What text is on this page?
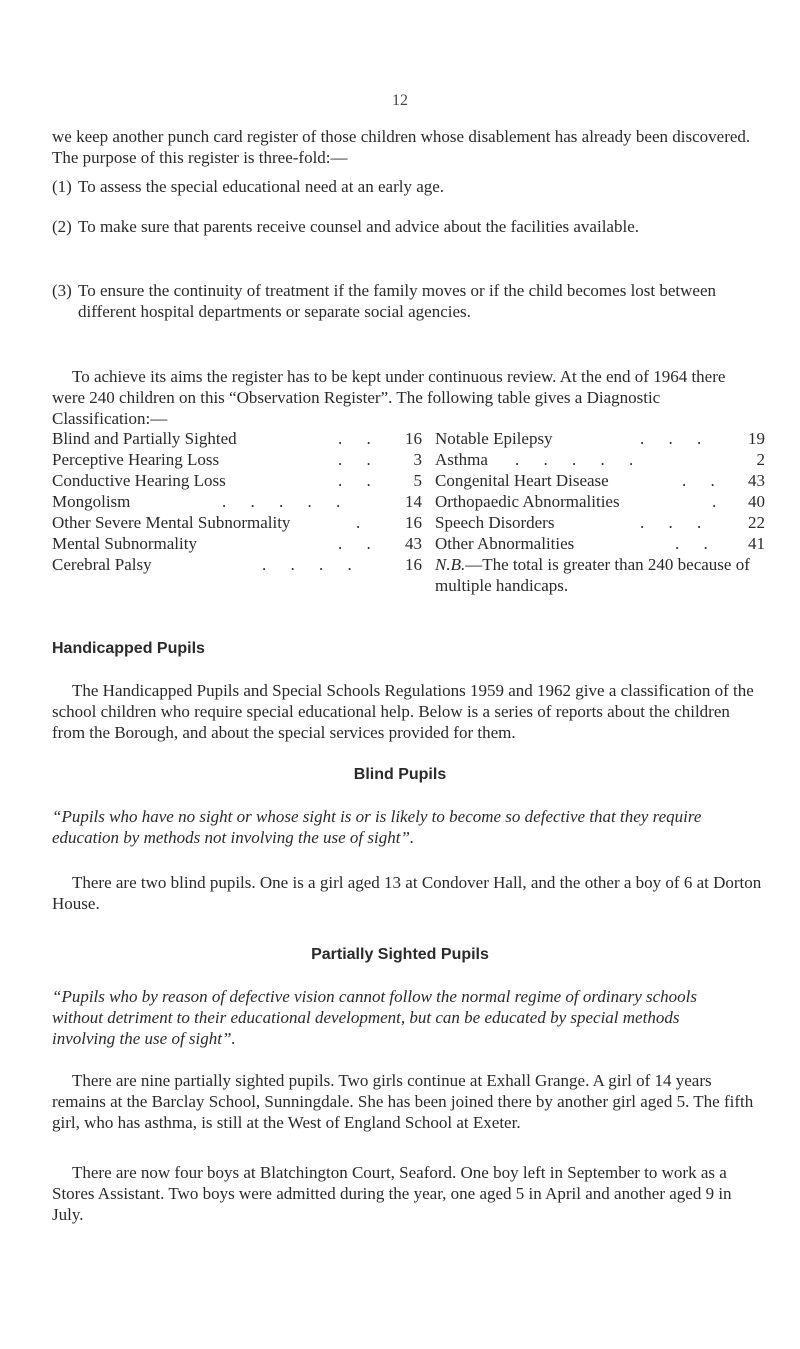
12

we keep another punch card register of those children whose disablement has already been discovered. The purpose of this register is three-fold:—

(1) To assess the special educational need at an early age.
(2) To make sure that parents receive counsel and advice about the facilities available.
(3) To ensure the continuity of treatment if the family moves or if the child becomes lost between different hospital departments or separate social agencies.

To achieve its aims the register has to be kept under continuous review. At the end of 1964 there were 240 children on this “Observation Register”. The following table gives a Diagnostic Classification:—

Blind and Partially Sighted	. .	16
Perceptive Hearing Loss	. .	3
Conductive Hearing Loss	. .	5
Mongolism	. . . . .	14
Other Severe Mental Subnormality	.	16
Mental Subnormality	. .	43
Cerebral Palsy	. . . .	16
Notable Epilepsy	. . .	19
Asthma . . . . .	2
Congenital Heart Disease	. .	43
Orthopaedic Abnormalities	.	40
Speech Disorders	. . .	22
Other Abnormalities	. .	41
N.B.—The total is greater than 240 because of multiple handicaps.
Handicapped Pupils

The Handicapped Pupils and Special Schools Regulations 1959 and 1962 give a classification of the school children who require special educational help. Below is a series of reports about the children from the Borough, and about the special services provided for them.

Blind Pupils

“Pupils who have no sight or whose sight is or is likely to become so defective that they require education by methods not involving the use of sight”.

There are two blind pupils. One is a girl aged 13 at Condover Hall, and the other a boy of 6 at Dorton House.

Partially Sighted Pupils

“Pupils who by reason of defective vision cannot follow the normal regime of ordinary schools without detriment to their educational development, but can be educated by special methods involving the use of sight”.

There are nine partially sighted pupils. Two girls continue at Exhall Grange. A girl of 14 years remains at the Barclay School, Sunningdale. She has been joined there by another girl aged 5. The fifth girl, who has asthma, is still at the West of England School at Exeter.

There are now four boys at Blatchington Court, Seaford. One boy left in September to work as a Stores Assistant. Two boys were admitted during the year, one aged 5 in April and another aged 9 in July.
